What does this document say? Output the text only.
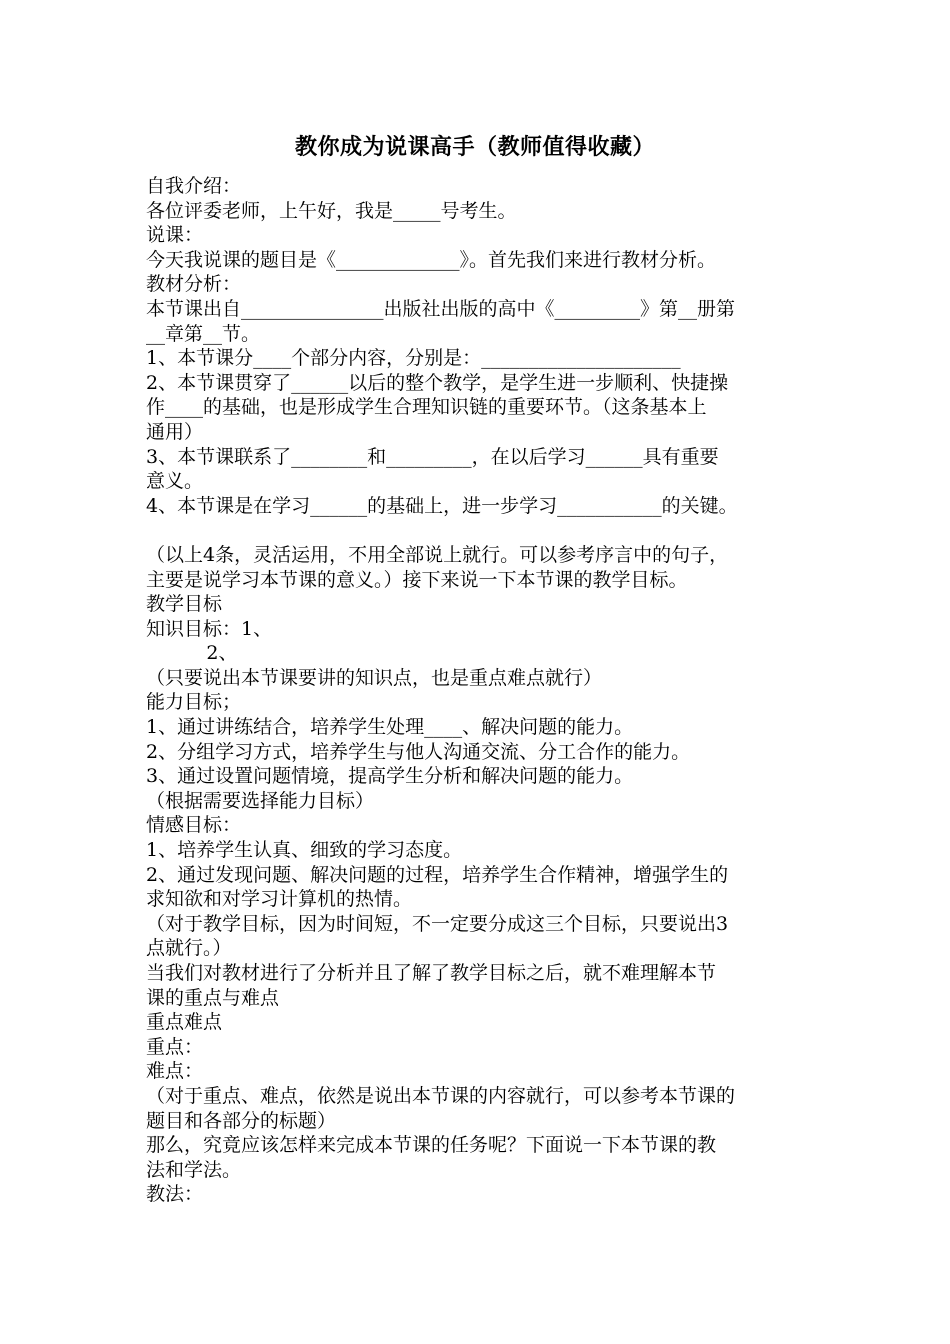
教你成为说课高手（教师值得收藏）
自我介绍：
各位评委老师，上午好，我是_____号考生。
说课：
今天我说课的题目是《_____________》。首先我们来进行教材分析。
教材分析：
本节课出自_______________出版社出版的高中《_________》第__册第
__章第__节。
1、本节课分____个部分内容，分别是：_____________________
2、本节课贯穿了______以后的整个教学，是学生进一步顺利、快捷操
作____的基础，也是形成学生合理知识链的重要环节。（这条基本上
通用）
3、本节课联系了________和_________，在以后学习______具有重要
意义。
4、本节课是在学习______的基础上，进一步学习___________的关键。
（以上4条，灵活运用，不用全部说上就行。可以参考序言中的句子，
主要是说学习本节课的意义。）接下来说一下本节课的教学目标。
教学目标
知识目标：1、
2、
（只要说出本节课要讲的知识点，也是重点难点就行）
能力目标；
1、通过讲练结合，培养学生处理____、解决问题的能力。
2、分组学习方式，培养学生与他人沟通交流、分工合作的能力。
3、通过设置问题情境，提高学生分析和解决问题的能力。
（根据需要选择能力目标）
情感目标：
1、培养学生认真、细致的学习态度。
2、通过发现问题、解决问题的过程，培养学生合作精神，增强学生的
求知欲和对学习计算机的热情。
（对于教学目标，因为时间短，不一定要分成这三个目标，只要说出3
点就行。）
当我们对教材进行了分析并且了解了教学目标之后，就不难理解本节
课的重点与难点
重点难点
重点：
难点：
（对于重点、难点，依然是说出本节课的内容就行，可以参考本节课的
题目和各部分的标题）
那么，究竟应该怎样来完成本节课的任务呢？下面说一下本节课的教
法和学法。
教法：
